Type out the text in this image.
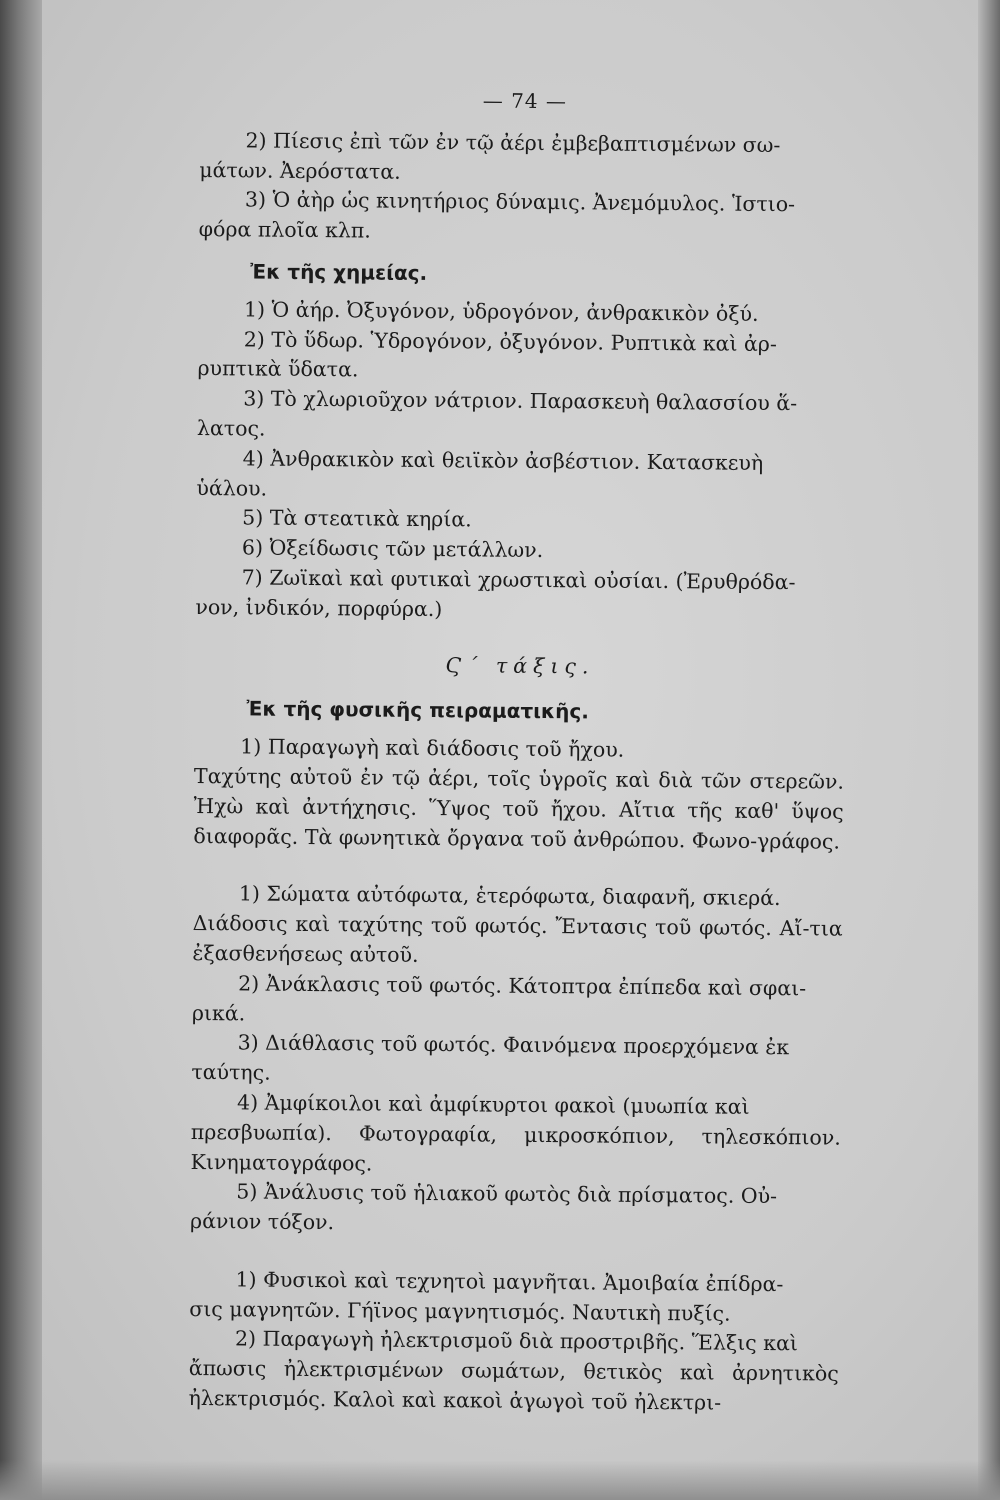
— 74 —
2) Πίεσις ἐπὶ τῶν ἐν τῷ ἀέρι ἐμβεβαπτισμένων σω-
μάτων. Ἀερόστατα.
3) Ὁ ἀὴρ ὡς κινητήριος δύναμις. Ἀνεμόμυλος. Ἱστιο-
φόρα πλοῖα κλπ.
Ἐκ τῆς χημείας.
1) Ὁ ἀήρ. Ὀξυγόνον, ὑδρογόνον, ἀνθρακικὸν ὀξύ.
2) Τὸ ὕδωρ. Ὑδρογόνον, ὀξυγόνον. Ρυπτικὰ καὶ ἀρ-
ρυπτικὰ ὕδατα.
3) Τὸ χλωριοῦχον νάτριον. Παρασκευὴ θαλασσίου ἅ-
λατος.
4) Ἀνθρακικὸν καὶ θειϊκὸν ἀσβέστιον. Κατασκευὴ
ὑάλου.
5) Τὰ στεατικὰ κηρία.
6) Ὀξείδωσις τῶν μετάλλων.
7) Ζωϊκαὶ καὶ φυτικαὶ χρωστικαὶ οὐσίαι. (Ἐρυθρόδα-
νον, ἰνδικόν, πορφύρα.)
Ϛ΄ τάξις.
Ἐκ τῆς φυσικῆς πειραματικῆς.
1) Παραγωγὴ καὶ διάδοσις τοῦ ἤχου.
Ταχύτης αὐτοῦ ἐν τῷ ἀέρι, τοῖς ὑγροῖς καὶ διὰ τῶν στερεῶν. Ἠχὼ καὶ ἀντήχησις. Ὕψος τοῦ ἤχου. Αἴτια τῆς καθ' ὕψος διαφορᾶς. Τὰ φωνητικὰ ὄργανα τοῦ ἀνθρώπου. Φωνο-γράφος.
1) Σώματα αὐτόφωτα, ἑτερόφωτα, διαφανῆ, σκιερά.
Διάδοσις καὶ ταχύτης τοῦ φωτός. Ἔντασις τοῦ φωτός. Αἴ-τια ἐξασθενήσεως αὐτοῦ.
2) Ἀνάκλασις τοῦ φωτός. Κάτοπτρα ἐπίπεδα καὶ σφαι-
ρικά.
3) Διάθλασις τοῦ φωτός. Φαινόμενα προερχόμενα ἐκ
ταύτης.
4) Ἀμφίκοιλοι καὶ ἀμφίκυρτοι φακοὶ (μυωπία καὶ
πρεσβυωπία). Φωτογραφία, μικροσκόπιον, τηλεσκόπιον. Κινηματογράφος.
5) Ἀνάλυσις τοῦ ἡλιακοῦ φωτὸς διὰ πρίσματος. Οὐ-
ράνιον τόξον.
1) Φυσικοὶ καὶ τεχνητοὶ μαγνῆται. Ἀμοιβαία ἐπίδρα-
σις μαγνητῶν. Γήϊνος μαγνητισμός. Ναυτικὴ πυξίς.
2) Παραγωγὴ ἠλεκτρισμοῦ διὰ προστριβῆς. Ἕλξις καὶ
ἄπωσις ἠλεκτρισμένων σωμάτων, θετικὸς καὶ ἀρνητικὸς ἠλεκτρισμός. Καλοὶ καὶ κακοὶ ἀγωγοὶ τοῦ ἠλεκτρι-
